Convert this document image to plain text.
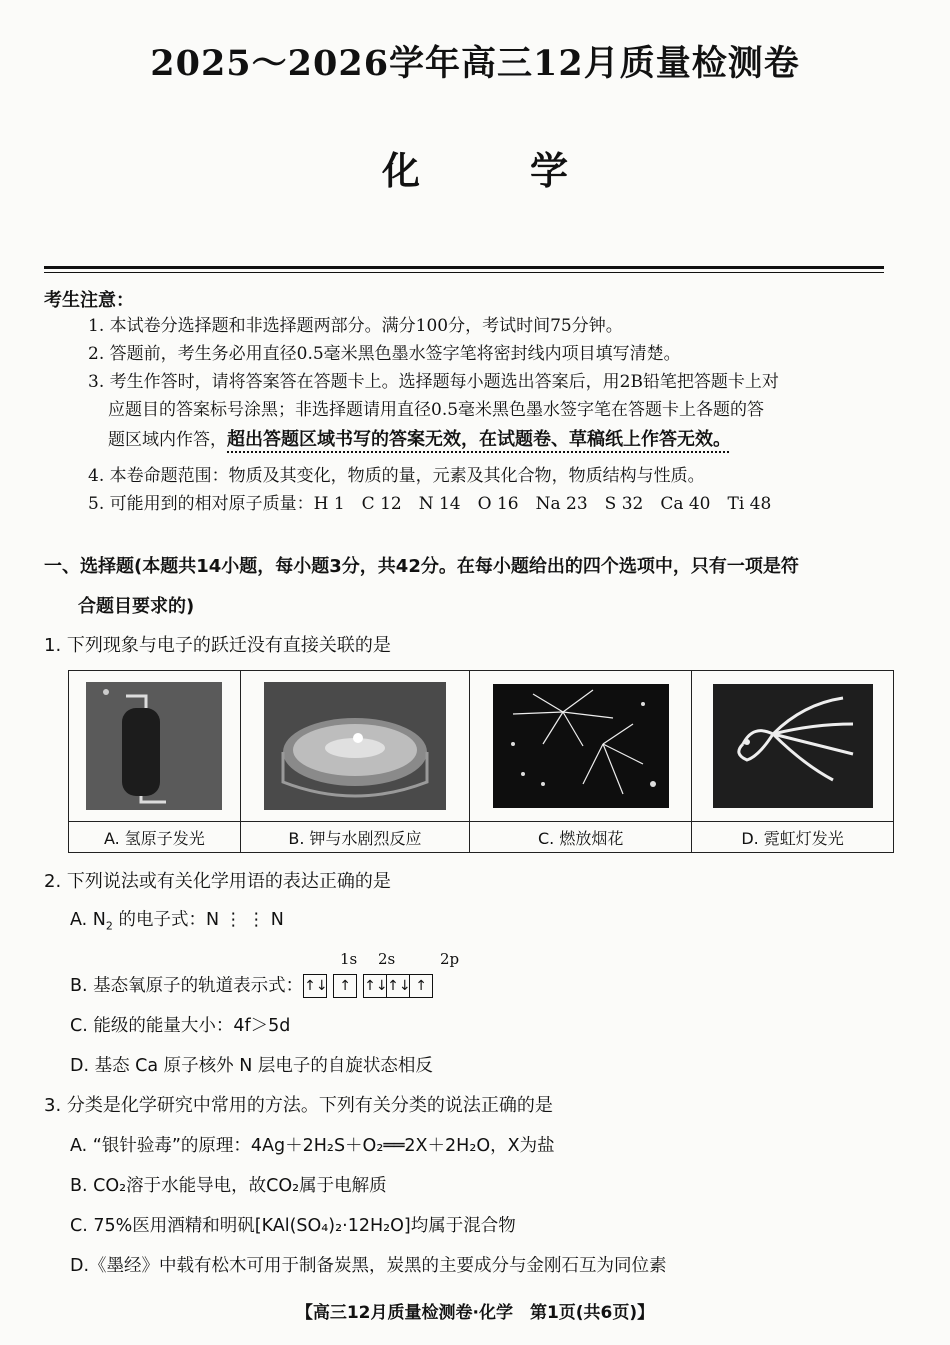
2025～2026学年高三12月质量检测卷
化学
考生注意：
1. 本试卷分选择题和非选择题两部分。满分100分，考试时间75分钟。
2. 答题前，考生务必用直径0.5毫米黑色墨水签字笔将密封线内项目填写清楚。
3. 考生作答时，请将答案答在答题卡上。选择题每小题选出答案后，用2B铅笔把答题卡上对
应题目的答案标号涂黑；非选择题请用直径0.5毫米黑色墨水签字笔在答题卡上各题的答
题区域内作答，超出答题区域书写的答案无效，在试题卷、草稿纸上作答无效。
4. 本卷命题范围：物质及其变化，物质的量，元素及其化合物，物质结构与性质。
5. 可能用到的相对原子质量：H 1　C 12　N 14　O 16　Na 23　S 32　Ca 40　Ti 48
一、选择题(本题共14小题，每小题3分，共42分。在每小题给出的四个选项中，只有一项是符
合题目要求的)
1. 下列现象与电子的跃迁没有直接关联的是

A. 氢原子发光	B. 钾与水剧烈反应	C. 燃放烟花	D. 霓虹灯发光
2. 下列说法或有关化学用语的表达正确的是
A. $N_2$ 的电子式：N ⋮ ⋮ N
1s 2s	2p
B. 基态氧原子的轨道表示式：↑↓ ↑ ↑↓↑↓ ↑
C. 能级的能量大小：4f＞5d
D. 基态 Ca 原子核外 N 层电子的自旋状态相反
3. 分类是化学研究中常用的方法。下列有关分类的说法正确的是
A. “银针验毒”的原理：4Ag＋2H₂S＋O₂══2X＋2H₂O，X为盐
B. CO₂溶于水能导电，故CO₂属于电解质
C. 75%医用酒精和明矾[KAl(SO₄)₂·12H₂O]均属于混合物
D.《墨经》中载有松木可用于制备炭黑，炭黑的主要成分与金刚石互为同位素
【高三12月质量检测卷·化学　第1页(共6页)】
